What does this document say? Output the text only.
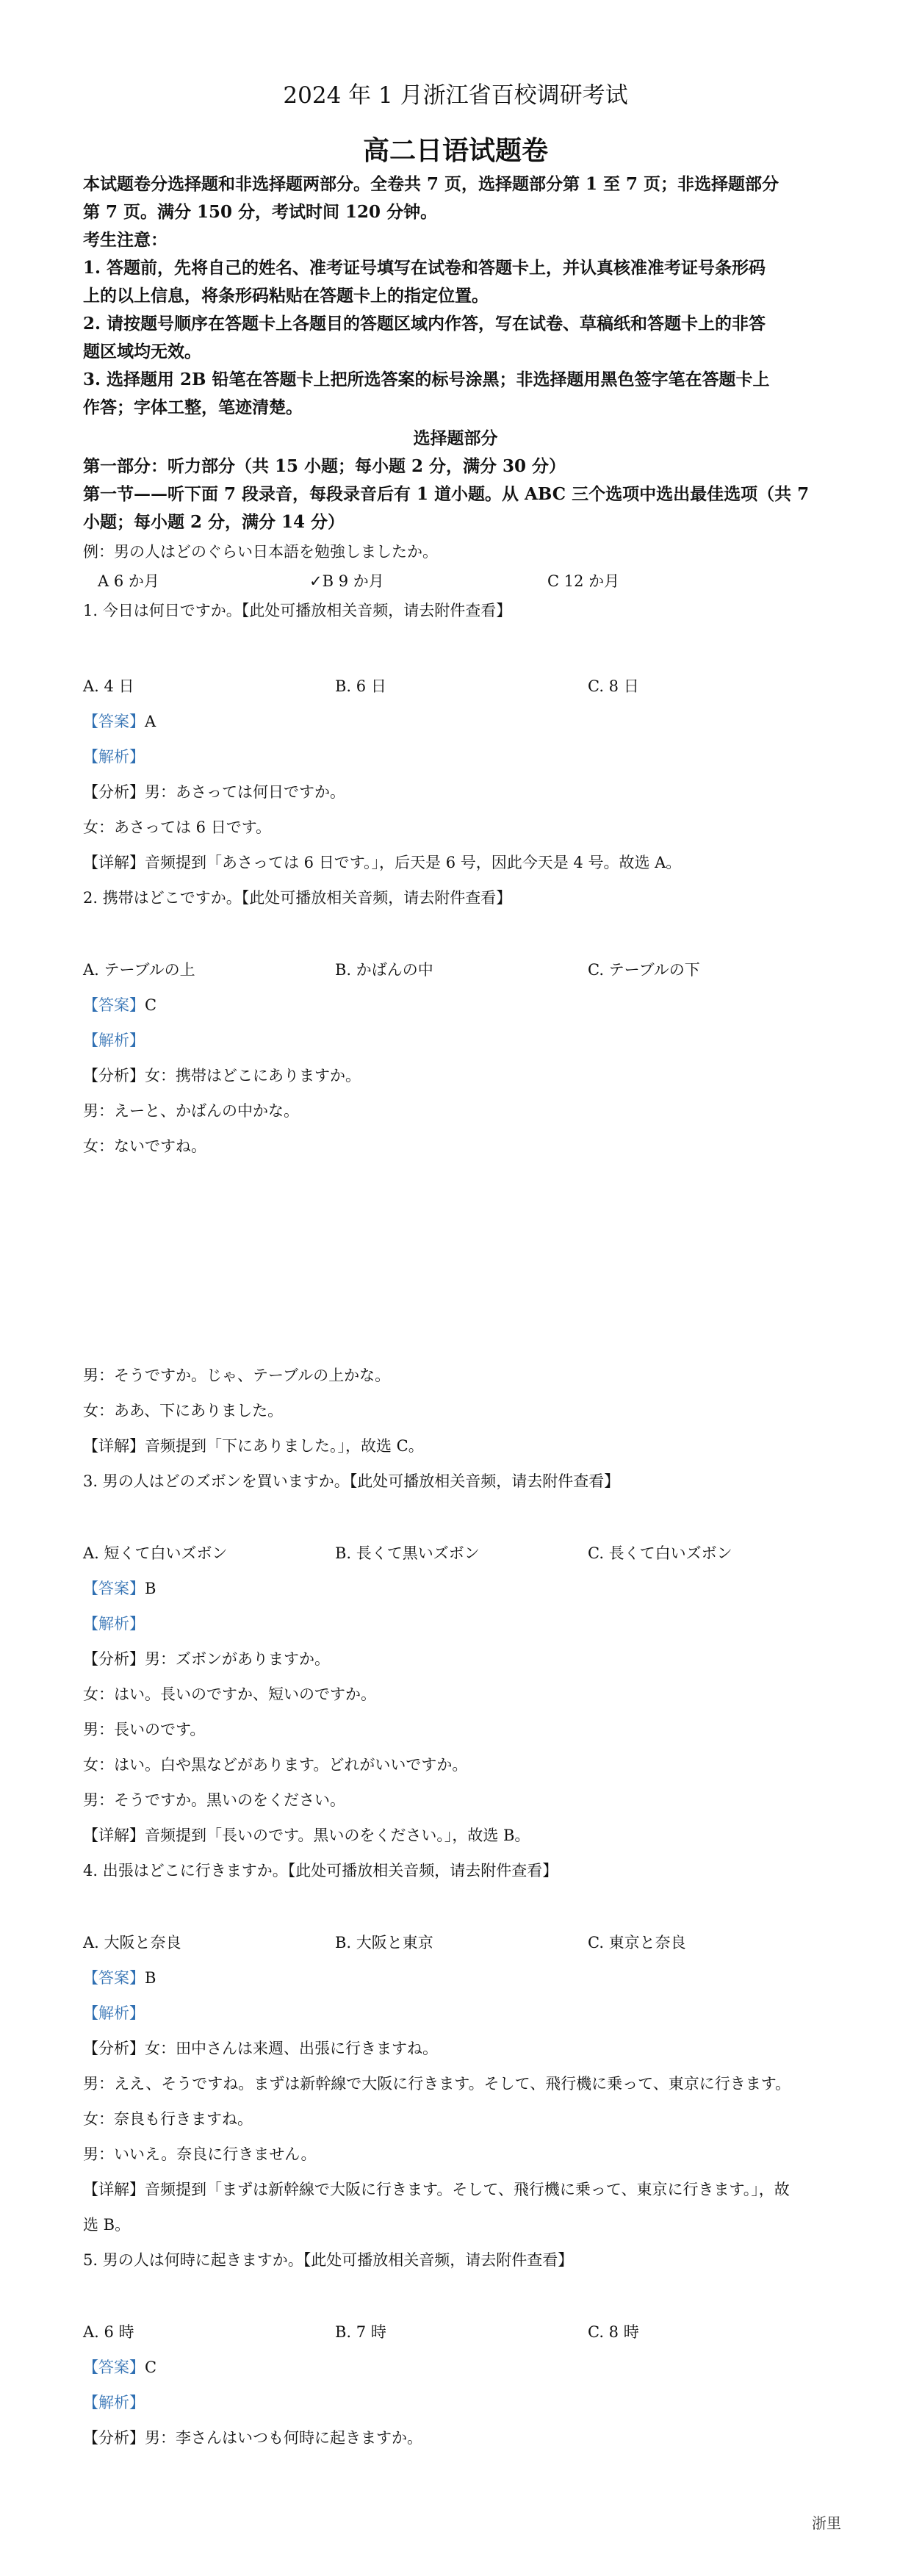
2024 年 1 月浙江省百校调研考试
高二日语试题卷
本试题卷分选择题和非选择题两部分。全卷共 7 页，选择题部分第 1 至 7 页；非选择题部分
第 7 页。满分 150 分，考试时间 120 分钟。
考生注意：
1. 答题前，先将自己的姓名、准考证号填写在试卷和答题卡上，并认真核准准考证号条形码
上的以上信息，将条形码粘贴在答题卡上的指定位置。
2. 请按题号顺序在答题卡上各题目的答题区域内作答，写在试卷、草稿纸和答题卡上的非答
题区域均无效。
3. 选择题用 2B 铅笔在答题卡上把所选答案的标号涂黑；非选择题用黑色签字笔在答题卡上
作答；字体工整，笔迹清楚。
选择题部分
第一部分：听力部分（共 15 小题；每小题 2 分，满分 30 分）
第一节——听下面 7 段录音，每段录音后有 1 道小题。从 ABC 三个选项中选出最佳选项（共 7
小题；每小题 2 分，满分 14 分）
例：男の人はどのぐらい日本語を勉強しましたか。
A 6 か月	✓B 9 か月	C 12 か月
1. 今日は何日ですか。【此处可播放相关音频，请去附件查看】
A. 4 日	B. 6 日	C. 8 日
【答案】A
【解析】
【分析】男：あさっては何日ですか。
女：あさっては 6 日です。
【详解】音频提到「あさっては 6 日です。」，后天是 6 号，因此今天是 4 号。故选 A。
2. 携帯はどこですか。【此处可播放相关音频，请去附件查看】
A. テーブルの上	B. かばんの中	C. テーブルの下
【答案】C
【解析】
【分析】女：携帯はどこにありますか。
男：えーと、かばんの中かな。
女：ないですね。
男：そうですか。じゃ、テーブルの上かな。
女：ああ、下にありました。
【详解】音频提到「下にありました。」，故选 C。
3. 男の人はどのズボンを買いますか。【此处可播放相关音频，请去附件查看】
A. 短くて白いズボン	B. 長くて黒いズボン	C. 長くて白いズボン
【答案】B
【解析】
【分析】男：ズボンがありますか。
女：はい。長いのですか、短いのですか。
男：長いのです。
女：はい。白や黒などがあります。どれがいいですか。
男：そうですか。黒いのをください。
【详解】音频提到「長いのです。黒いのをください。」，故选 B。
4. 出張はどこに行きますか。【此处可播放相关音频，请去附件查看】
A. 大阪と奈良	B. 大阪と東京	C. 東京と奈良
【答案】B
【解析】
【分析】女：田中さんは来週、出張に行きますね。
男：ええ、そうですね。まずは新幹線で大阪に行きます。そして、飛行機に乗って、東京に行きます。
女：奈良も行きますね。
男：いいえ。奈良に行きません。
【详解】音频提到「まずは新幹線で大阪に行きます。そして、飛行機に乗って、東京に行きます。」，故
选 B。
5. 男の人は何時に起きますか。【此处可播放相关音频，请去附件查看】
A. 6 時	B. 7 時	C. 8 時
【答案】C
【解析】
【分析】男：李さんはいつも何時に起きますか。
浙里
